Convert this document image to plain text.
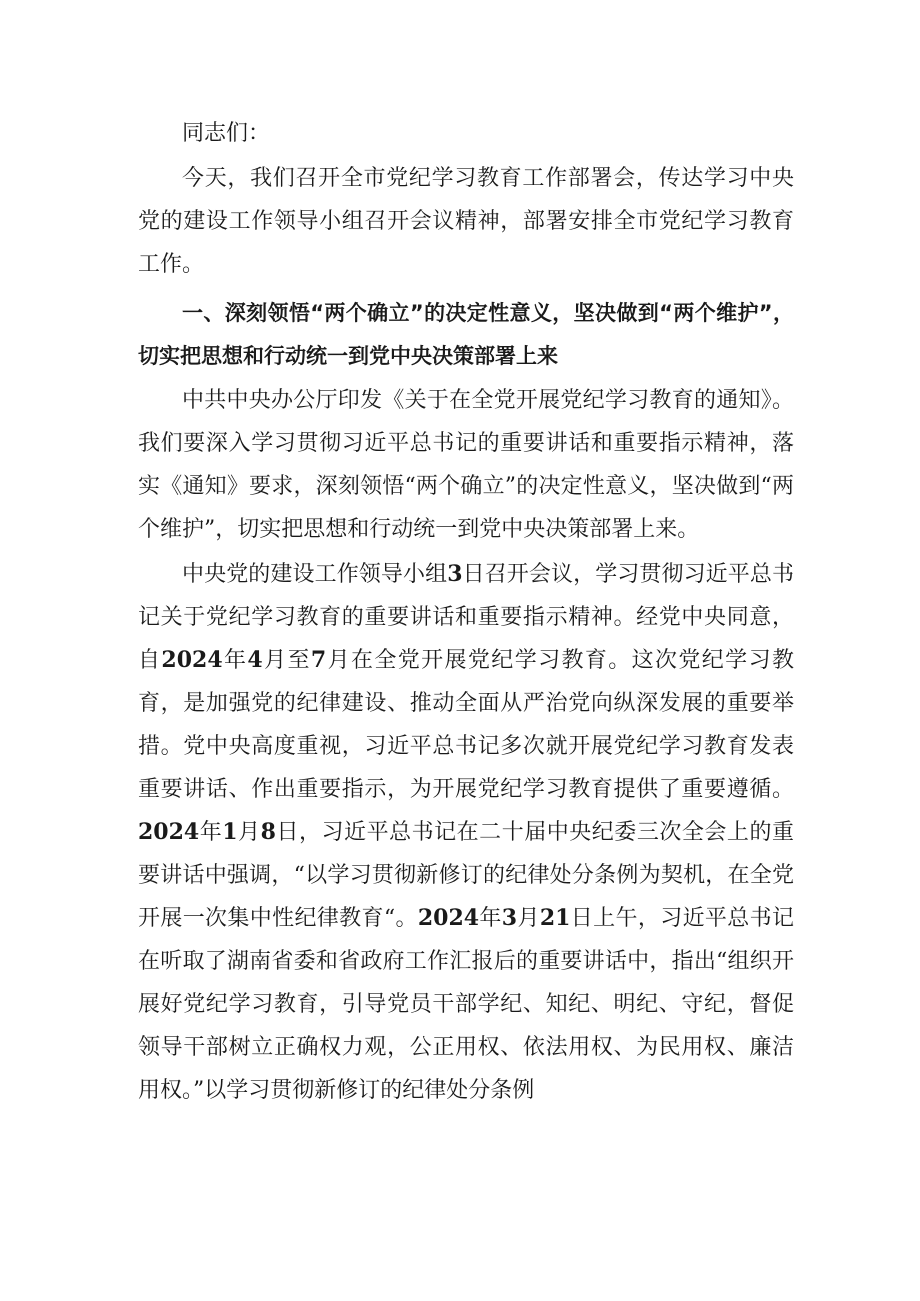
同志们：

今天，我们召开全市党纪学习教育工作部署会，传达学习中央党的建设工作领导小组召开会议精神，部署安排全市党纪学习教育工作。

一、深刻领悟“两个确立”的决定性意义，坚决做到“两个维护”，切实把思想和行动统一到党中央决策部署上来

中共中央办公厅印发《关于在全党开展党纪学习教育的通知》。我们要深入学习贯彻习近平总书记的重要讲话和重要指示精神，落实《通知》要求，深刻领悟“两个确立”的决定性意义，坚决做到“两个维护”，切实把思想和行动统一到党中央决策部署上来。

中央党的建设工作领导小组3日召开会议，学习贯彻习近平总书记关于党纪学习教育的重要讲话和重要指示精神。经党中央同意，自2024年4月至7月在全党开展党纪学习教育。这次党纪学习教育，是加强党的纪律建设、推动全面从严治党向纵深发展的重要举措。党中央高度重视，习近平总书记多次就开展党纪学习教育发表重要讲话、作出重要指示，为开展党纪学习教育提供了重要遵循。2024年1月8日，习近平总书记在二十届中央纪委三次全会上的重要讲话中强调，“以学习贯彻新修订的纪律处分条例为契机，在全党开展一次集中性纪律教育“。2024年3月21日上午，习近平总书记在听取了湖南省委和省政府工作汇报后的重要讲话中，指出“组织开展好党纪学习教育，引导党员干部学纪、知纪、明纪、守纪，督促领导干部树立正确权力观，公正用权、依法用权、为民用权、廉洁用权。”以学习贯彻新修订的纪律处分条例
